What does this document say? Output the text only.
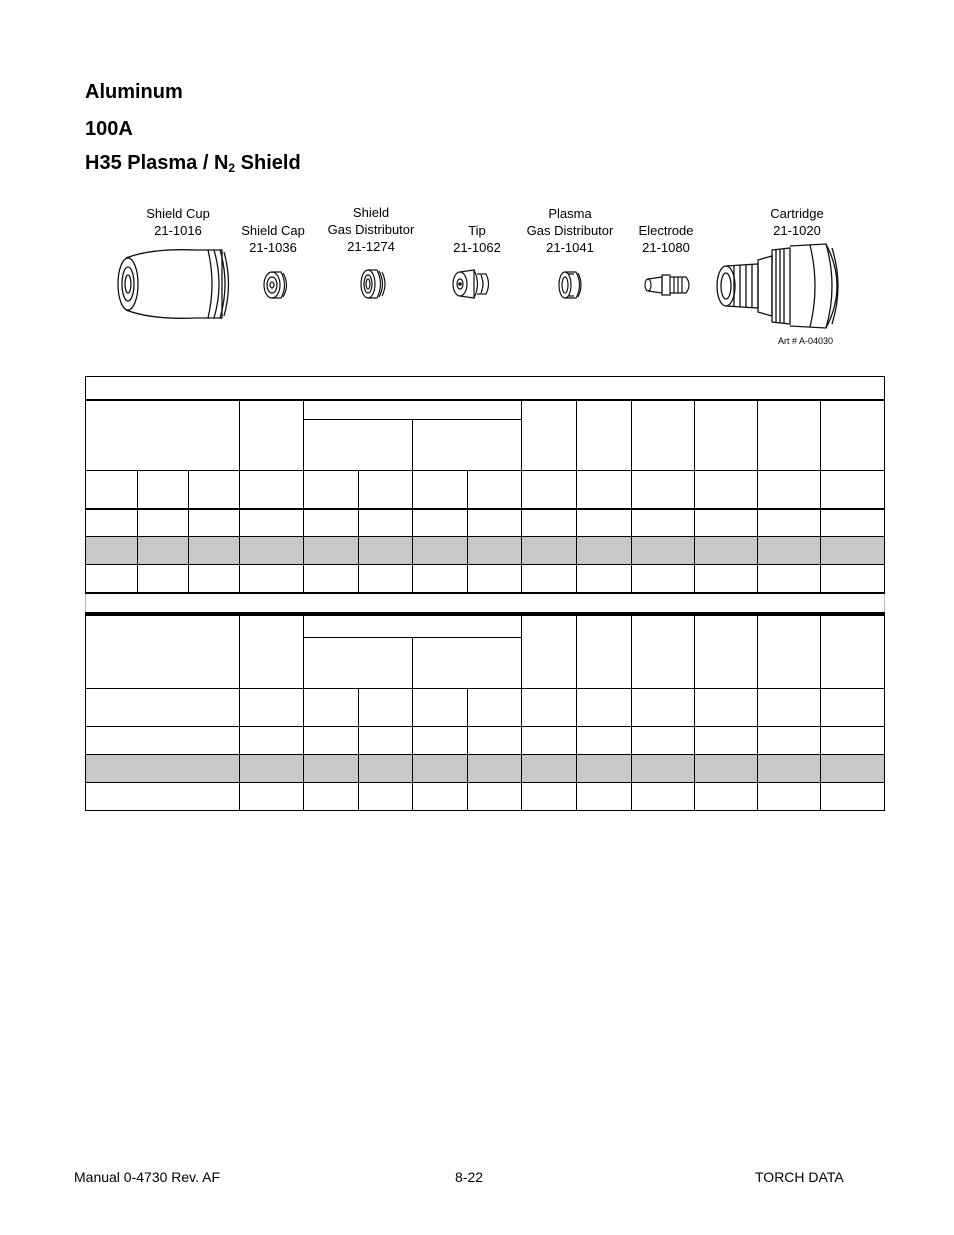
Aluminum
100A
H35 Plasma / $N_2$ Shield
Shield Cup
21-1016	Shield Cap
21-1036
Shield
Gas Distributor
21-1274
Tip
21-1062
Plasma
Gas Distributor
21-1041
Electrode
21-1080
Cartridge
21-1020
Art # A-04030

Manual 0-4730 Rev. AF	8-22	TORCH DATA
